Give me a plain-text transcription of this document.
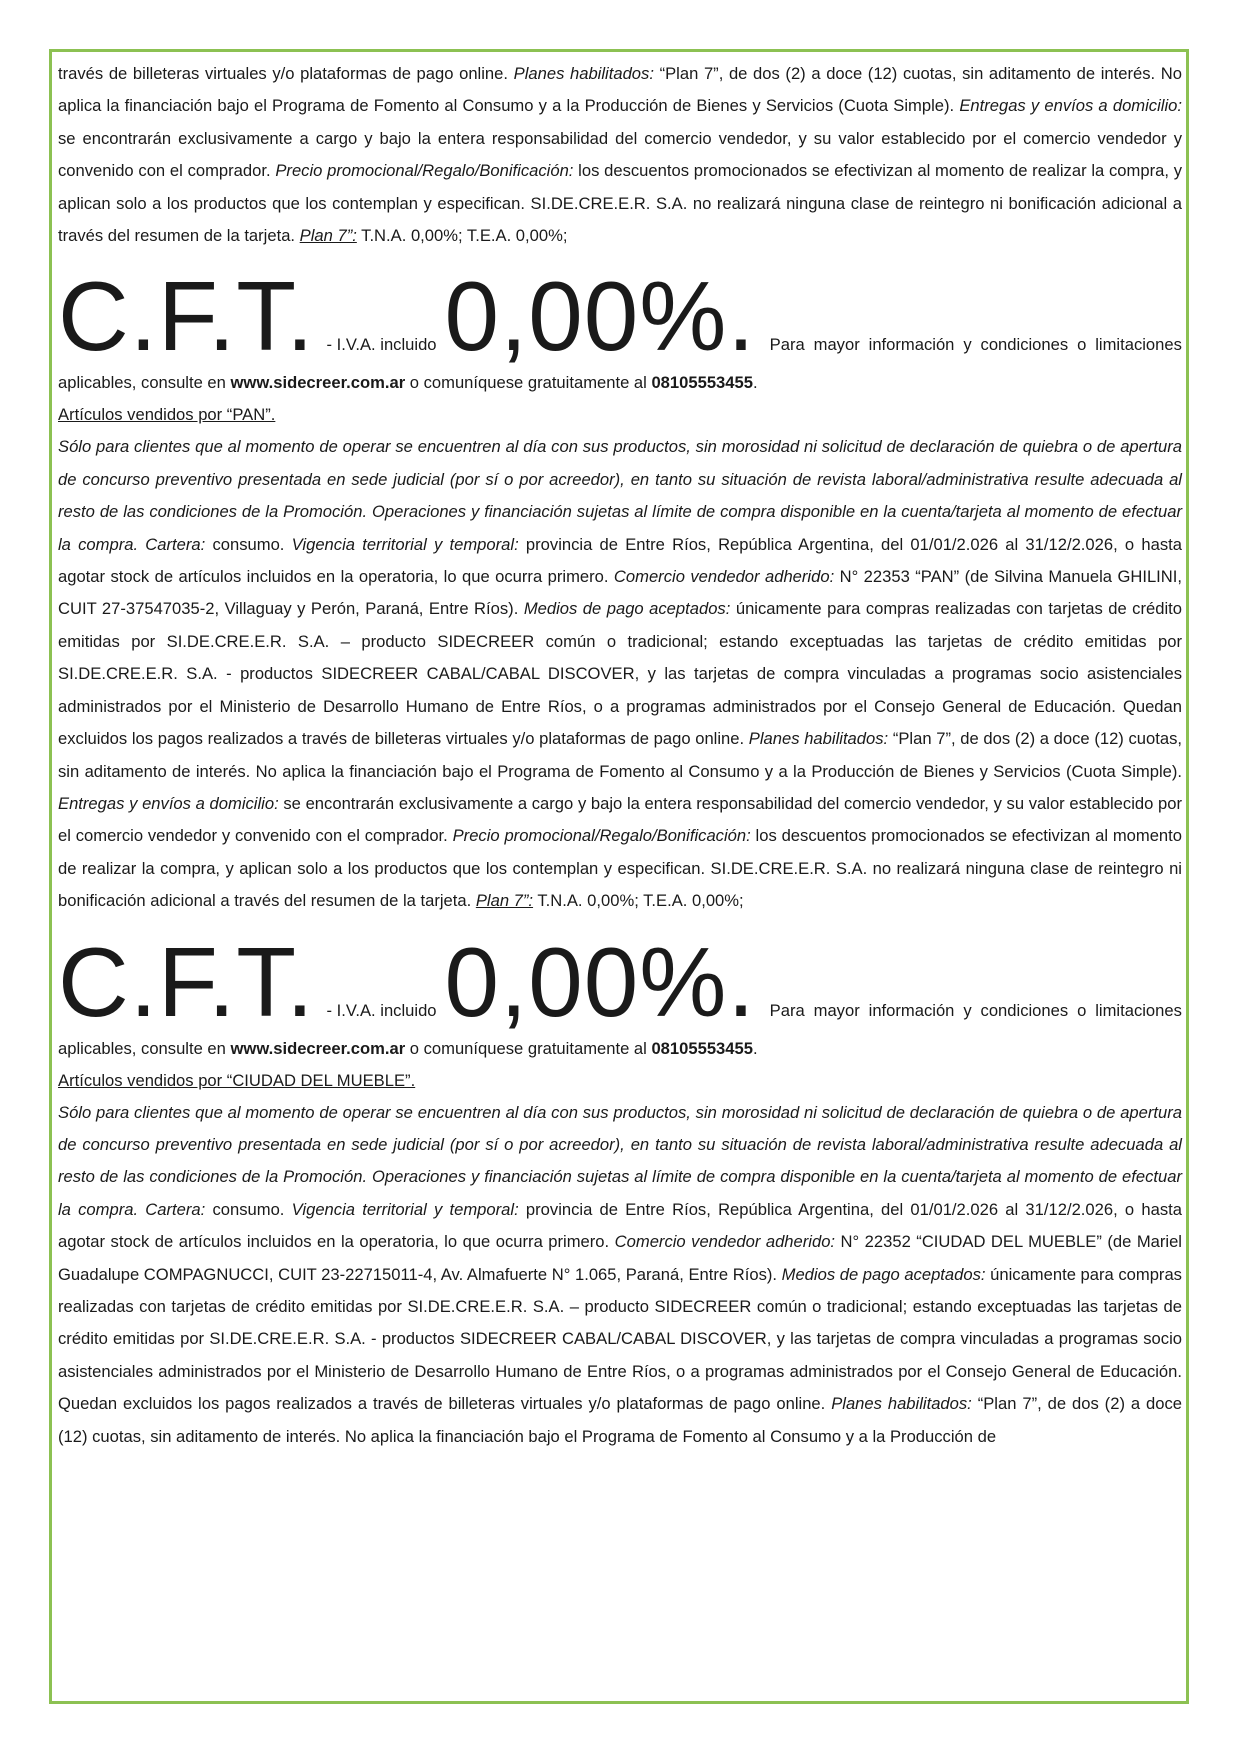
través de billeteras virtuales y/o plataformas de pago online. Planes habilitados: “Plan 7”, de dos (2) a doce (12) cuotas, sin aditamento de interés. No aplica la financiación bajo el Programa de Fomento al Consumo y a la Producción de Bienes y Servicios (Cuota Simple). Entregas y envíos a domicilio: se encontrarán exclusivamente a cargo y bajo la entera responsabilidad del comercio vendedor, y su valor establecido por el comercio vendedor y convenido con el comprador. Precio promocional/Regalo/Bonificación: los descuentos promocionados se efectivizan al momento de realizar la compra, y aplican solo a los productos que los contemplan y especifican. SI.DE.CRE.E.R. S.A. no realizará ninguna clase de reintegro ni bonificación adicional a través del resumen de la tarjeta. Plan 7”: T.N.A. 0,00%; T.E.A. 0,00%;

C.F.T. - I.V.A. incluido 0,00%. Para mayor información y condiciones o limitaciones

aplicables, consulte en www.sidecreer.com.ar o comuníquese gratuitamente al 08105553455.

Artículos vendidos por “PAN”.

Sólo para clientes que al momento de operar se encuentren al día con sus productos, sin morosidad ni solicitud de declaración de quiebra o de apertura de concurso preventivo presentada en sede judicial (por sí o por acreedor), en tanto su situación de revista laboral/administrativa resulte adecuada al resto de las condiciones de la Promoción. Operaciones y financiación sujetas al límite de compra disponible en la cuenta/tarjeta al momento de efectuar la compra. Cartera: consumo. Vigencia territorial y temporal: provincia de Entre Ríos, República Argentina, del 01/01/2.026 al 31/12/2.026, o hasta agotar stock de artículos incluidos en la operatoria, lo que ocurra primero. Comercio vendedor adherido: N° 22353 “PAN” (de Silvina Manuela GHILINI, CUIT 27-37547035-2, Villaguay y Perón, Paraná, Entre Ríos). Medios de pago aceptados: únicamente para compras realizadas con tarjetas de crédito emitidas por SI.DE.CRE.E.R. S.A. – producto SIDECREER común o tradicional; estando exceptuadas las tarjetas de crédito emitidas por SI.DE.CRE.E.R. S.A. - productos SIDECREER CABAL/CABAL DISCOVER, y las tarjetas de compra vinculadas a programas socio asistenciales administrados por el Ministerio de Desarrollo Humano de Entre Ríos, o a programas administrados por el Consejo General de Educación. Quedan excluidos los pagos realizados a través de billeteras virtuales y/o plataformas de pago online. Planes habilitados: “Plan 7”, de dos (2) a doce (12) cuotas, sin aditamento de interés. No aplica la financiación bajo el Programa de Fomento al Consumo y a la Producción de Bienes y Servicios (Cuota Simple). Entregas y envíos a domicilio: se encontrarán exclusivamente a cargo y bajo la entera responsabilidad del comercio vendedor, y su valor establecido por el comercio vendedor y convenido con el comprador. Precio promocional/Regalo/Bonificación: los descuentos promocionados se efectivizan al momento de realizar la compra, y aplican solo a los productos que los contemplan y especifican. SI.DE.CRE.E.R. S.A. no realizará ninguna clase de reintegro ni bonificación adicional a través del resumen de la tarjeta. Plan 7”: T.N.A. 0,00%; T.E.A. 0,00%;

C.F.T. - I.V.A. incluido 0,00%. Para mayor información y condiciones o limitaciones

aplicables, consulte en www.sidecreer.com.ar o comuníquese gratuitamente al 08105553455.

Artículos vendidos por “CIUDAD DEL MUEBLE”.

Sólo para clientes que al momento de operar se encuentren al día con sus productos, sin morosidad ni solicitud de declaración de quiebra o de apertura de concurso preventivo presentada en sede judicial (por sí o por acreedor), en tanto su situación de revista laboral/administrativa resulte adecuada al resto de las condiciones de la Promoción. Operaciones y financiación sujetas al límite de compra disponible en la cuenta/tarjeta al momento de efectuar la compra. Cartera: consumo. Vigencia territorial y temporal: provincia de Entre Ríos, República Argentina, del 01/01/2.026 al 31/12/2.026, o hasta agotar stock de artículos incluidos en la operatoria, lo que ocurra primero. Comercio vendedor adherido: N° 22352 “CIUDAD DEL MUEBLE” (de Mariel Guadalupe COMPAGNUCCI, CUIT 23-22715011-4, Av. Almafuerte N° 1.065, Paraná, Entre Ríos). Medios de pago aceptados: únicamente para compras realizadas con tarjetas de crédito emitidas por SI.DE.CRE.E.R. S.A. – producto SIDECREER común o tradicional; estando exceptuadas las tarjetas de crédito emitidas por SI.DE.CRE.E.R. S.A. - productos SIDECREER CABAL/CABAL DISCOVER, y las tarjetas de compra vinculadas a programas socio asistenciales administrados por el Ministerio de Desarrollo Humano de Entre Ríos, o a programas administrados por el Consejo General de Educación. Quedan excluidos los pagos realizados a través de billeteras virtuales y/o plataformas de pago online. Planes habilitados: “Plan 7”, de dos (2) a doce (12) cuotas, sin aditamento de interés. No aplica la financiación bajo el Programa de Fomento al Consumo y a la Producción de
